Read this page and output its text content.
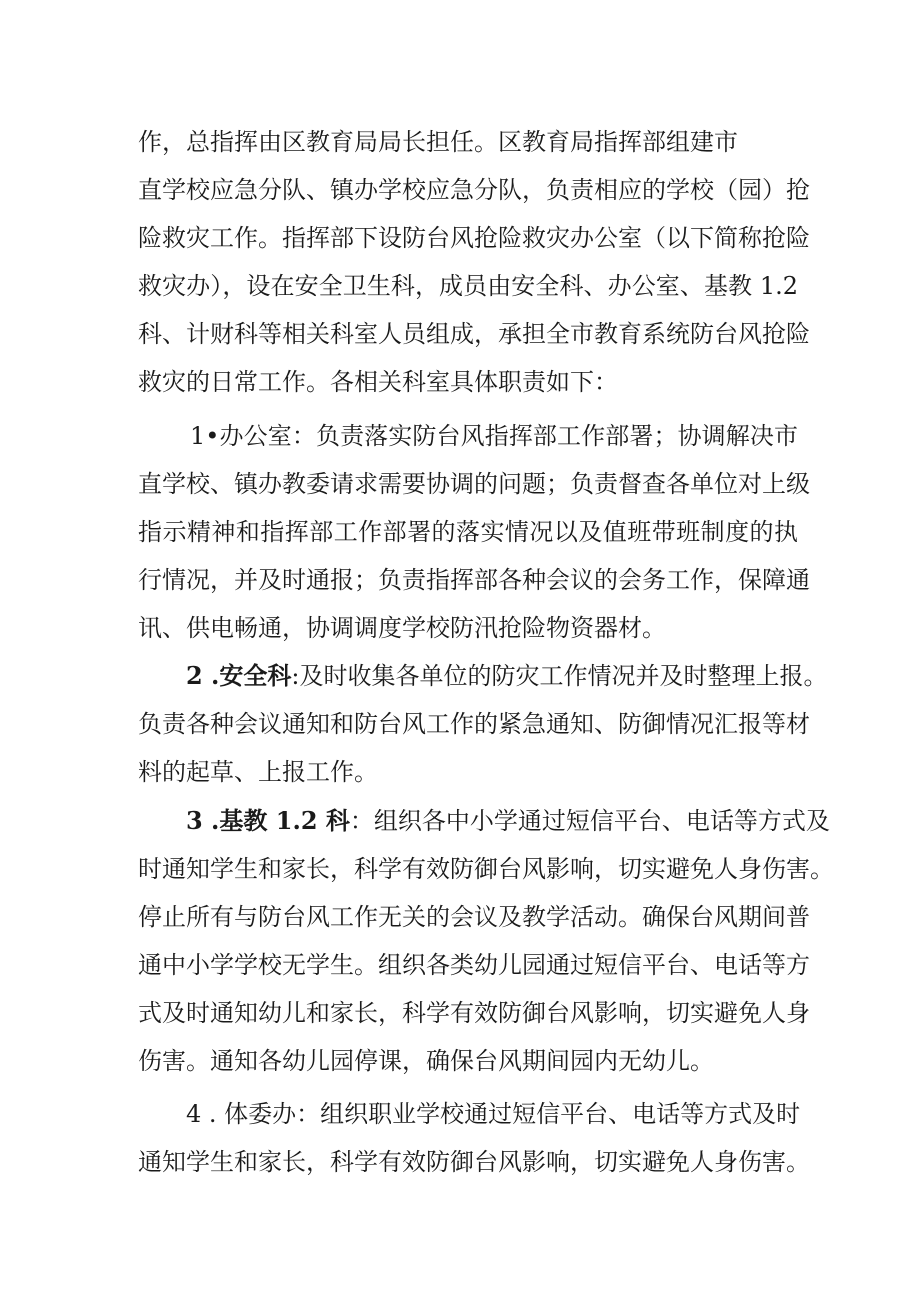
作，总指挥由区教育局局长担任。区教育局指挥部组建市
直学校应急分队、镇办学校应急分队，负责相应的学校（园）抢
险救灾工作。指挥部下设防台风抢险救灾办公室（以下简称抢险
救灾办），设在安全卫生科，成员由安全科、办公室、基教 1.2
科、计财科等相关科室人员组成，承担全市教育系统防台风抢险
救灾的日常工作。各相关科室具体职责如下：
1•办公室：负责落实防台风指挥部工作部署；协调解决市
直学校、镇办教委请求需要协调的问题；负责督查各单位对上级
指示精神和指挥部工作部署的落实情况以及值班带班制度的执
行情况，并及时通报；负责指挥部各种会议的会务工作，保障通
讯、供电畅通，协调调度学校防汛抢险物资器材。
2 .安全科:及时收集各单位的防灾工作情况并及时整理上报。
负责各种会议通知和防台风工作的紧急通知、防御情况汇报等材
料的起草、上报工作。
3 .基教 1.2 科：组织各中小学通过短信平台、电话等方式及
时通知学生和家长，科学有效防御台风影响，切实避免人身伤害。
停止所有与防台风工作无关的会议及教学活动。确保台风期间普
通中小学学校无学生。组织各类幼儿园通过短信平台、电话等方
式及时通知幼儿和家长，科学有效防御台风影响，切实避免人身
伤害。通知各幼儿园停课，确保台风期间园内无幼儿。
4 . 体委办：组织职业学校通过短信平台、电话等方式及时
通知学生和家长，科学有效防御台风影响，切实避免人身伤害。
